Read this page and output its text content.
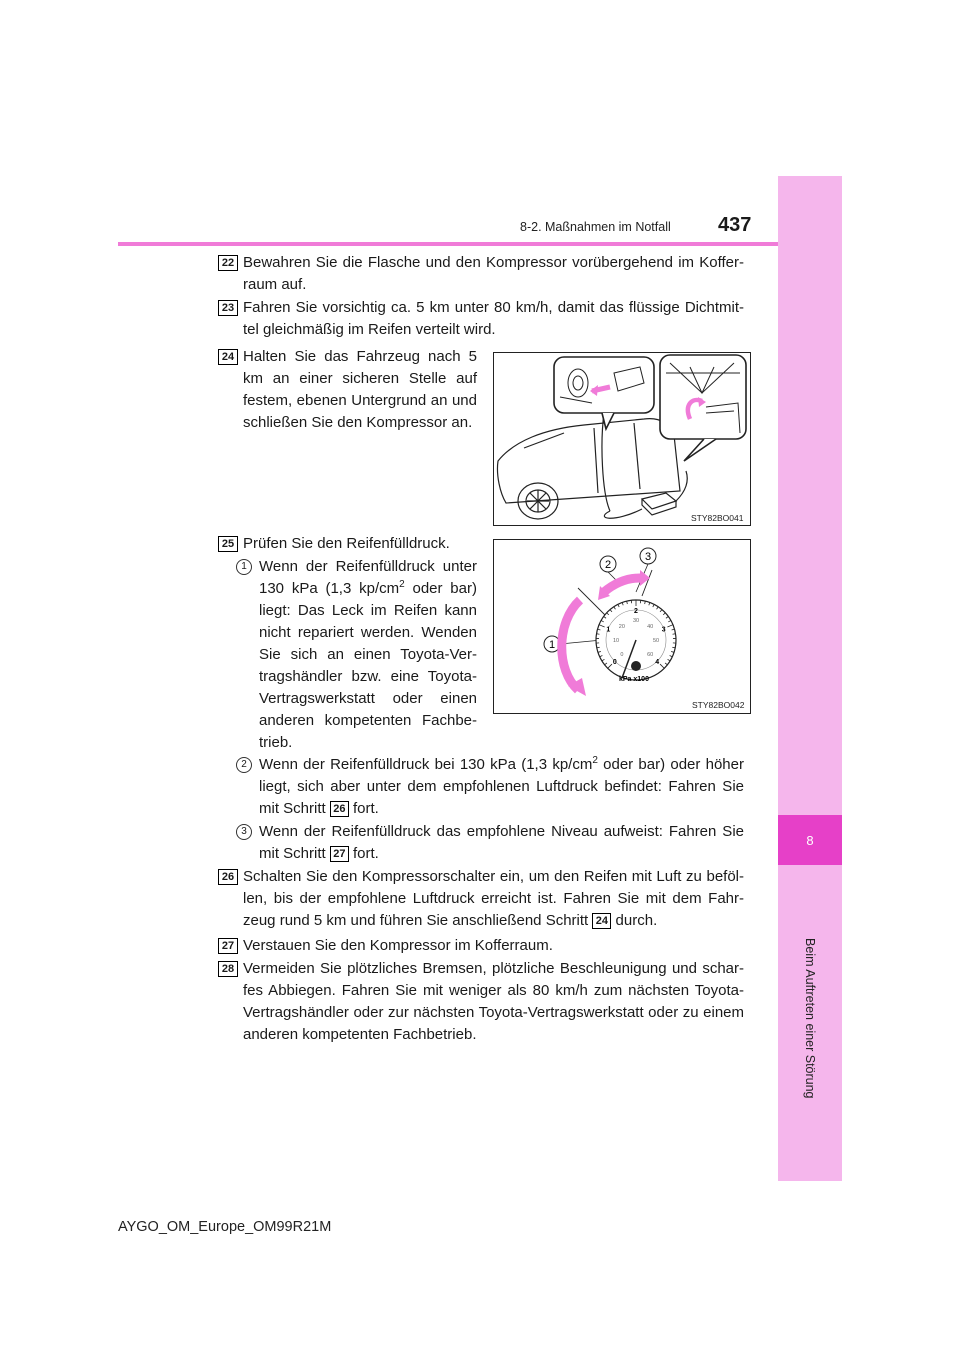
8
Beim Auftreten einer Störung
8-2. Maßnahmen im Notfall 437
22 Bewahren Sie die Flasche und den Kompressor vorübergehend im Koffer- raum auf.
23 Fahren Sie vorsichtig ca. 5 km unter 80 km/h, damit das flüssige Dichtmit- tel gleichmäßig im Reifen verteilt wird.
24 Halten Sie das Fahrzeug nach 5 km an einer sicheren Stelle auf festem, ebenen Untergrund an und schließen Sie den Kompressor an.
STY82BO041
25 Prüfen Sie den Reifenfülldruck.
1 Wenn der Reifenfülldruck unter 130 kPa (1,3 $kp/cm^2$ oder bar) liegt: Das Leck im Reifen kann nicht repariert werden. Wenden Sie sich an einen Toyota-Ver- tragshändler bzw. eine Toyota- Vertragswerkstatt oder einen anderen kompetenten Fachbe- trieb.
1
2
3
0
1
2
3
4
0
10
20
30
40
50
60
kPa x100
STY82BO042
2 Wenn der Reifenfülldruck bei 130 kPa (1,3 $kp/cm^2$ oder bar) oder höher liegt, sich aber unter dem empfohlenen Luftdruck befindet: Fahren Sie mit Schritt 26 fort.
3 Wenn der Reifenfülldruck das empfohlene Niveau aufweist: Fahren Sie mit Schritt 27 fort.
26 Schalten Sie den Kompressorschalter ein, um den Reifen mit Luft zu beföl- len, bis der empfohlene Luftdruck erreicht ist. Fahren Sie mit dem Fahr- zeug rund 5 km und führen Sie anschließend Schritt 24 durch.
27 Verstauen Sie den Kompressor im Kofferraum.
28 Vermeiden Sie plötzliches Bremsen, plötzliche Beschleunigung und schar- fes Abbiegen. Fahren Sie mit weniger als 80 km/h zum nächsten Toyota- Vertragshändler oder zur nächsten Toyota-Vertragswerkstatt oder zu einem anderen kompetenten Fachbetrieb.
AYGO_OM_Europe_OM99R21M
